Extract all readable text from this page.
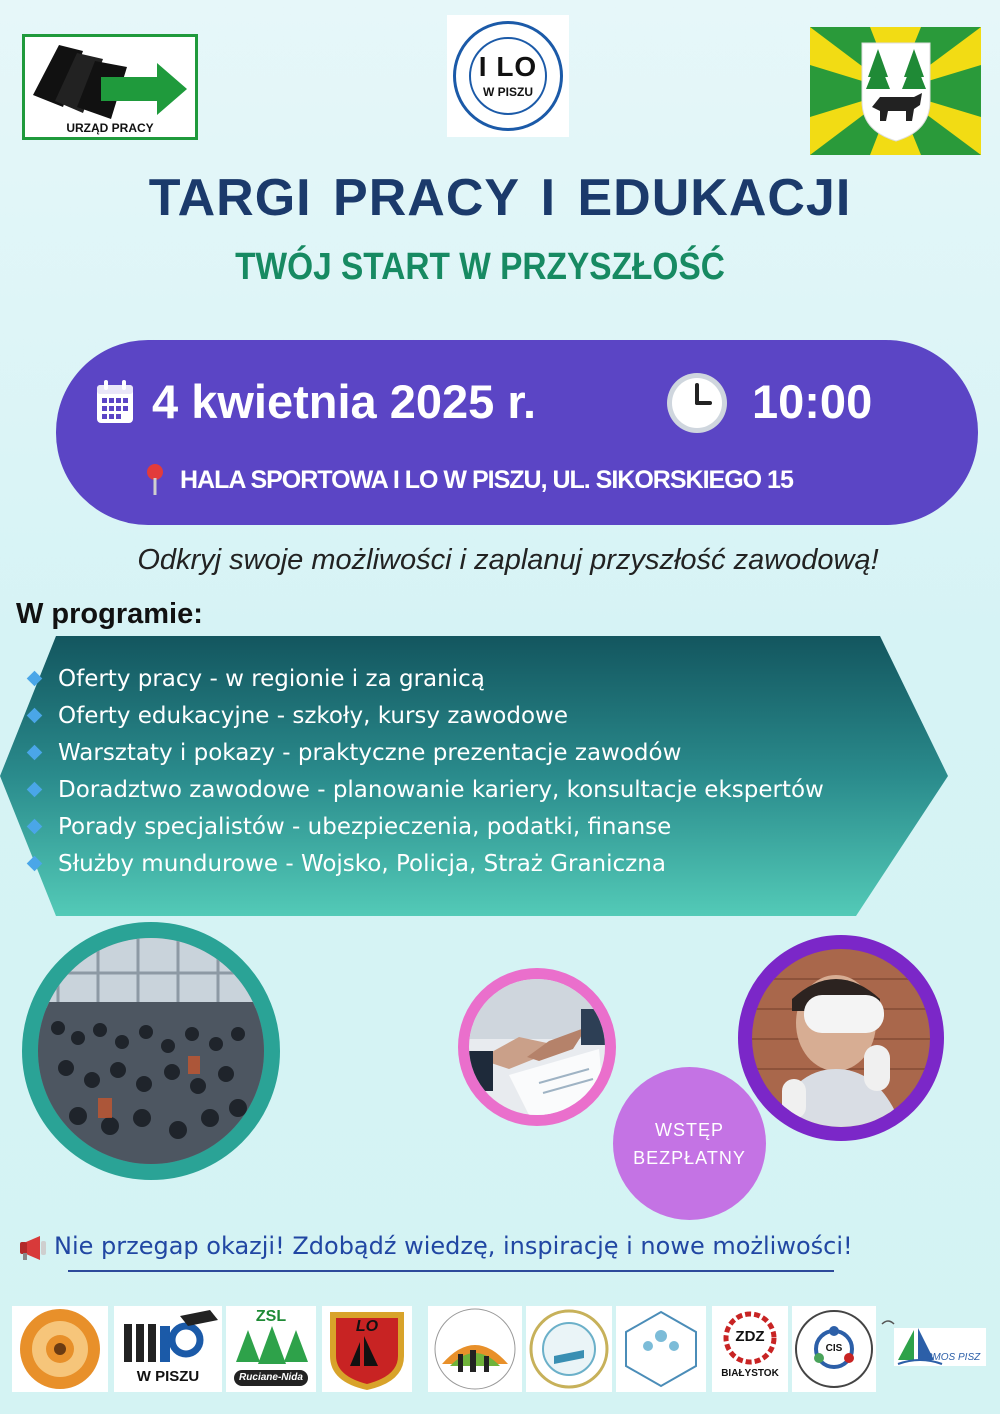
URZĄD PRACY
I LO
W PISZU
TARGI PRACY I EDUKACJI
TWÓJ START W PRZYSZŁOŚĆ
4 kwietnia 2025 r.	10:00
HALA SPORTOWA I LO W PISZU, UL. SIKORSKIEGO 15
Odkryj swoje możliwości i zaplanuj przyszłość zawodową!
W programie:
Oferty pracy - w regionie i za granicą
Oferty edukacyjne - szkoły, kursy zawodowe
Warsztaty i pokazy - praktyczne prezentacje zawodów
Doradztwo zawodowe - planowanie kariery, konsultacje ekspertów
Porady specjalistów - ubezpieczenia, podatki, finanse
Służby mundurowe - Wojsko, Policja, Straż Graniczna
WSTĘP
BEZPŁATNY
Nie przegap okazji! Zdobądź wiedzę, inspirację i nowe możliwości!
W PISZU
ZSL
Ruciane-Nida
LO
ZDZ
BIAŁYSTOK
CIS
PMOS PISZ
